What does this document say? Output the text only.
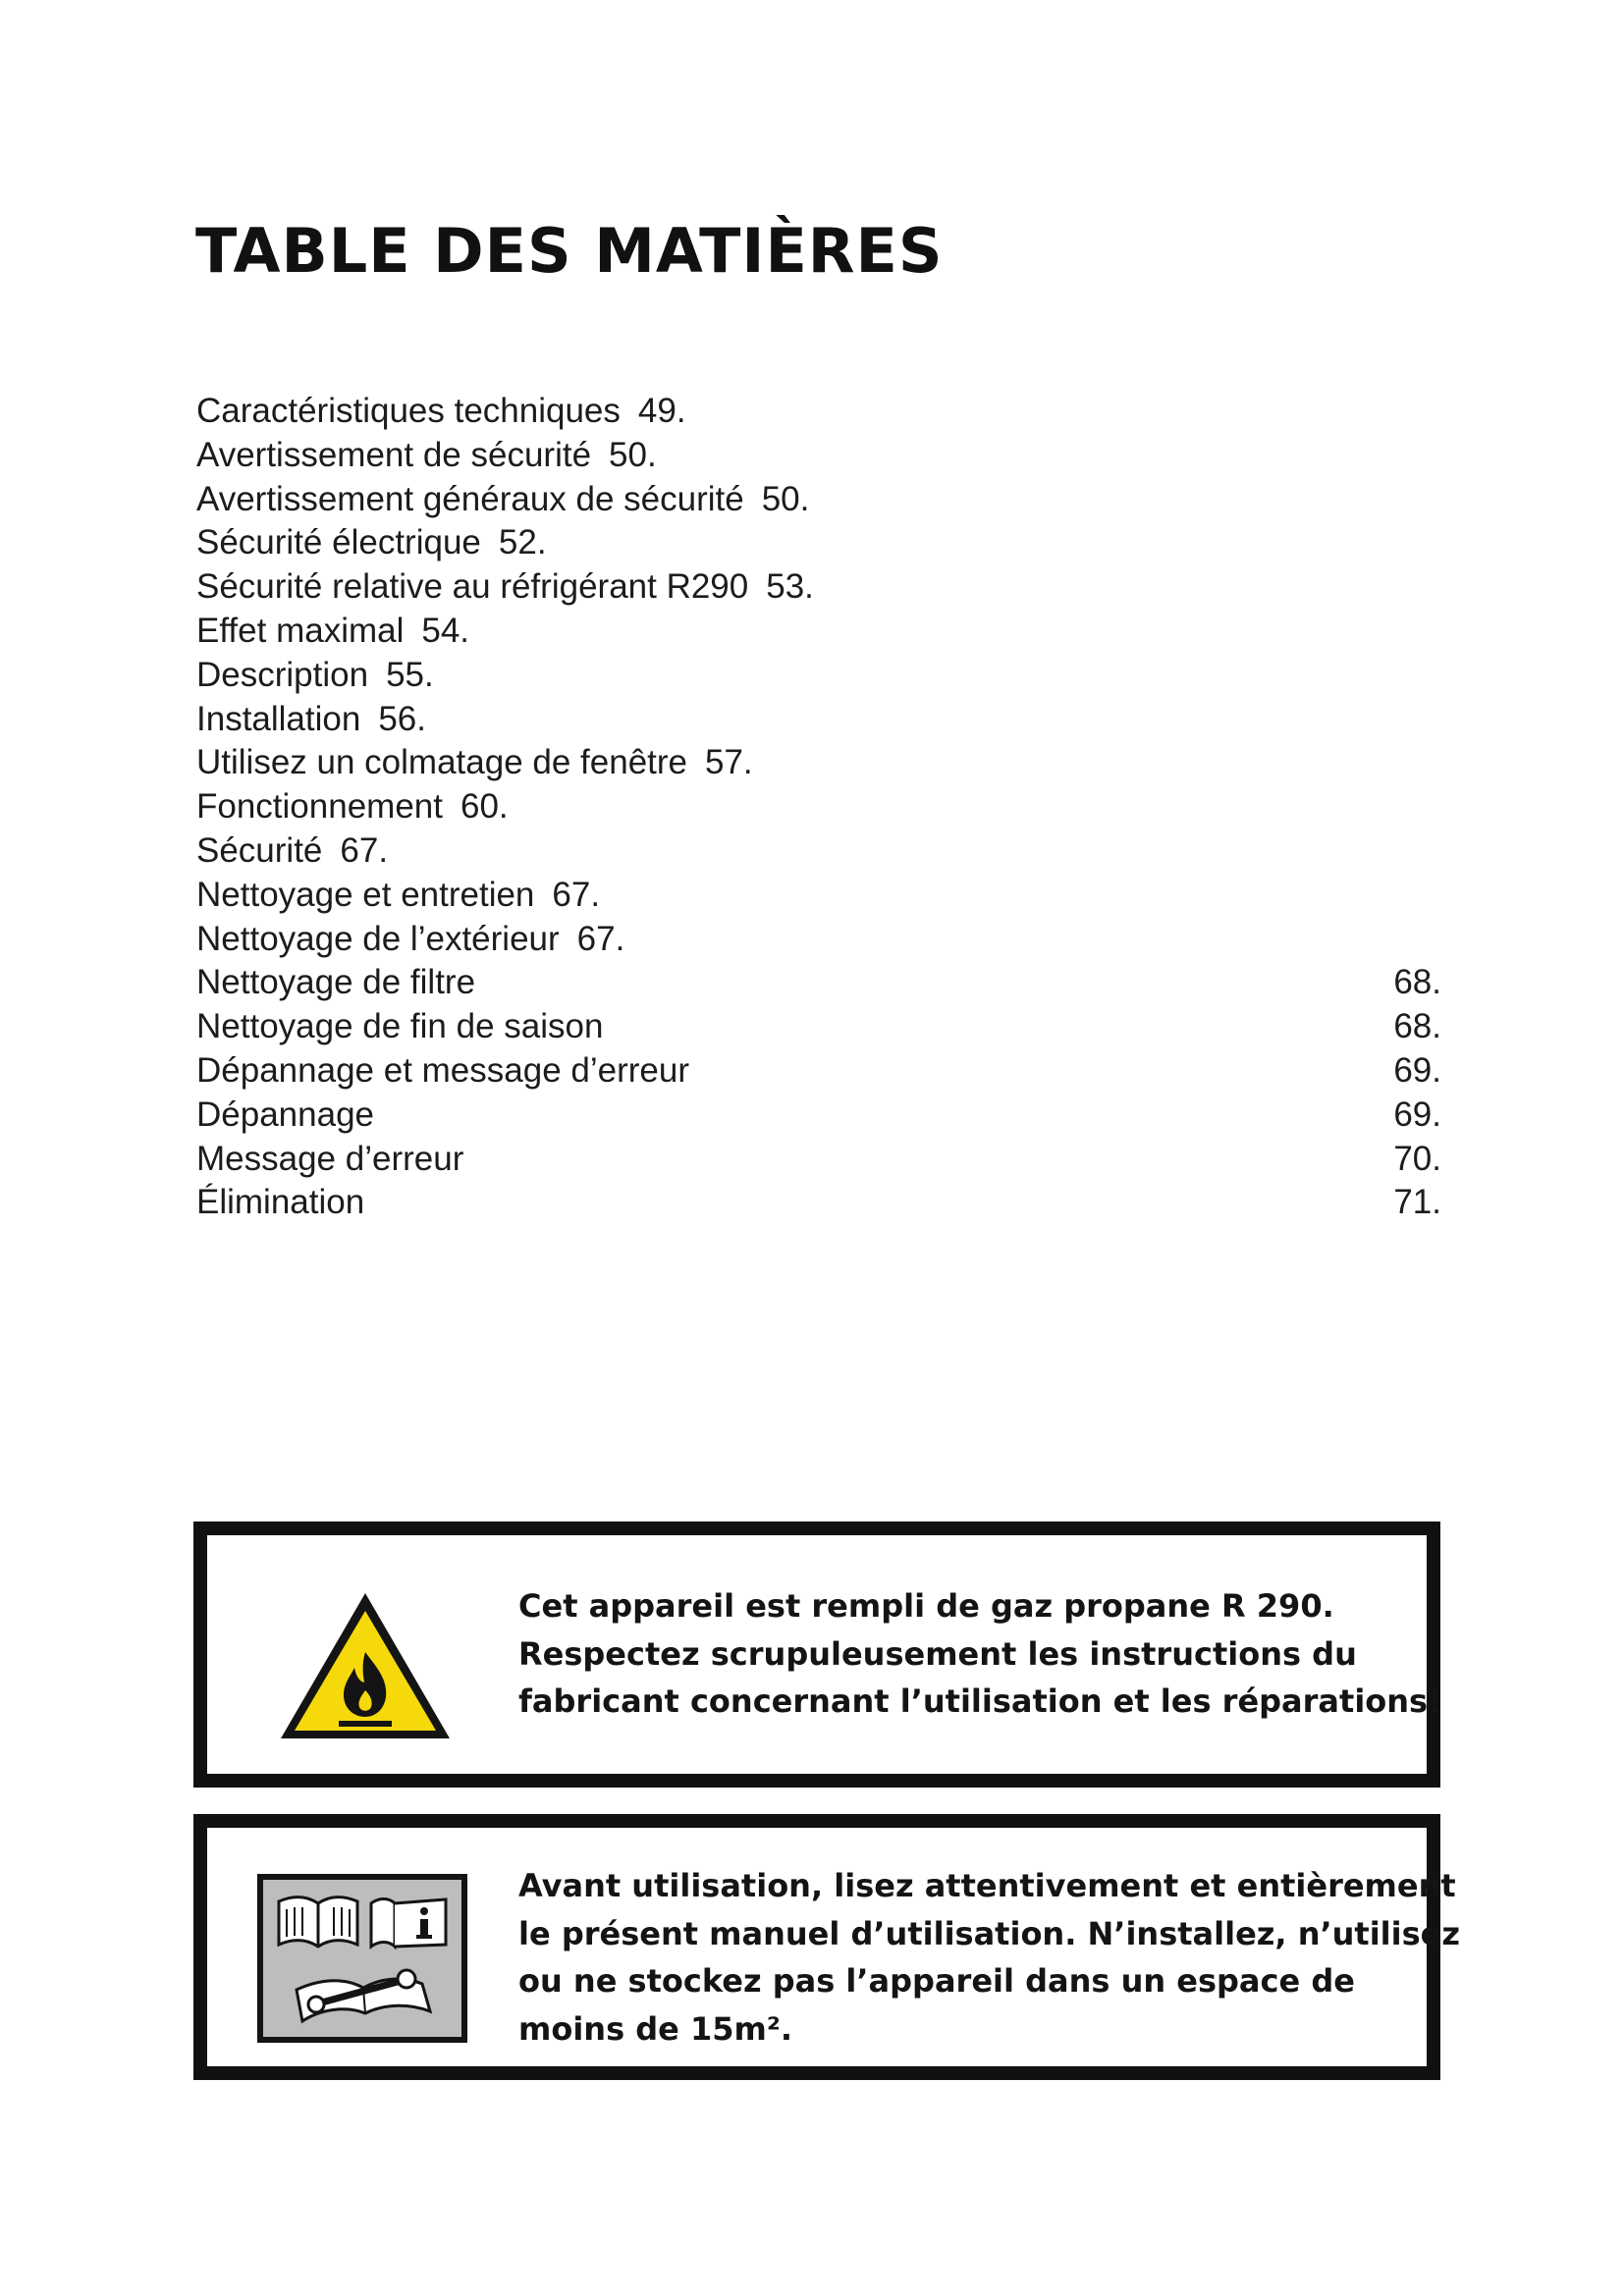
TABLE DES MATIÈRES
Caractéristiques techniques 49.
Avertissement de sécurité 50.
Avertissement généraux de sécurité 50.
Sécurité électrique 52.
Sécurité relative au réfrigérant R290 53.
Effet maximal 54.
Description 55.
Installation 56.
Utilisez un colmatage de fenêtre 57.
Fonctionnement 60.
Sécurité 67.
Nettoyage et entretien 67.
Nettoyage de l’extérieur 67.
Nettoyage de filtre	68.
Nettoyage de fin de saison	68.
Dépannage et message d’erreur	69.
Dépannage	69.
Message d’erreur	70.
Élimination	71.
Cet appareil est rempli de gaz propane R 290.
Respectez scrupuleusement les instructions du
fabricant concernant l’utilisation et les réparations!
Avant utilisation, lisez attentivement et entièrement
le présent manuel d’utilisation. N’installez, n’utilisez
ou ne stockez pas l’appareil dans un espace de
moins de 15m².
